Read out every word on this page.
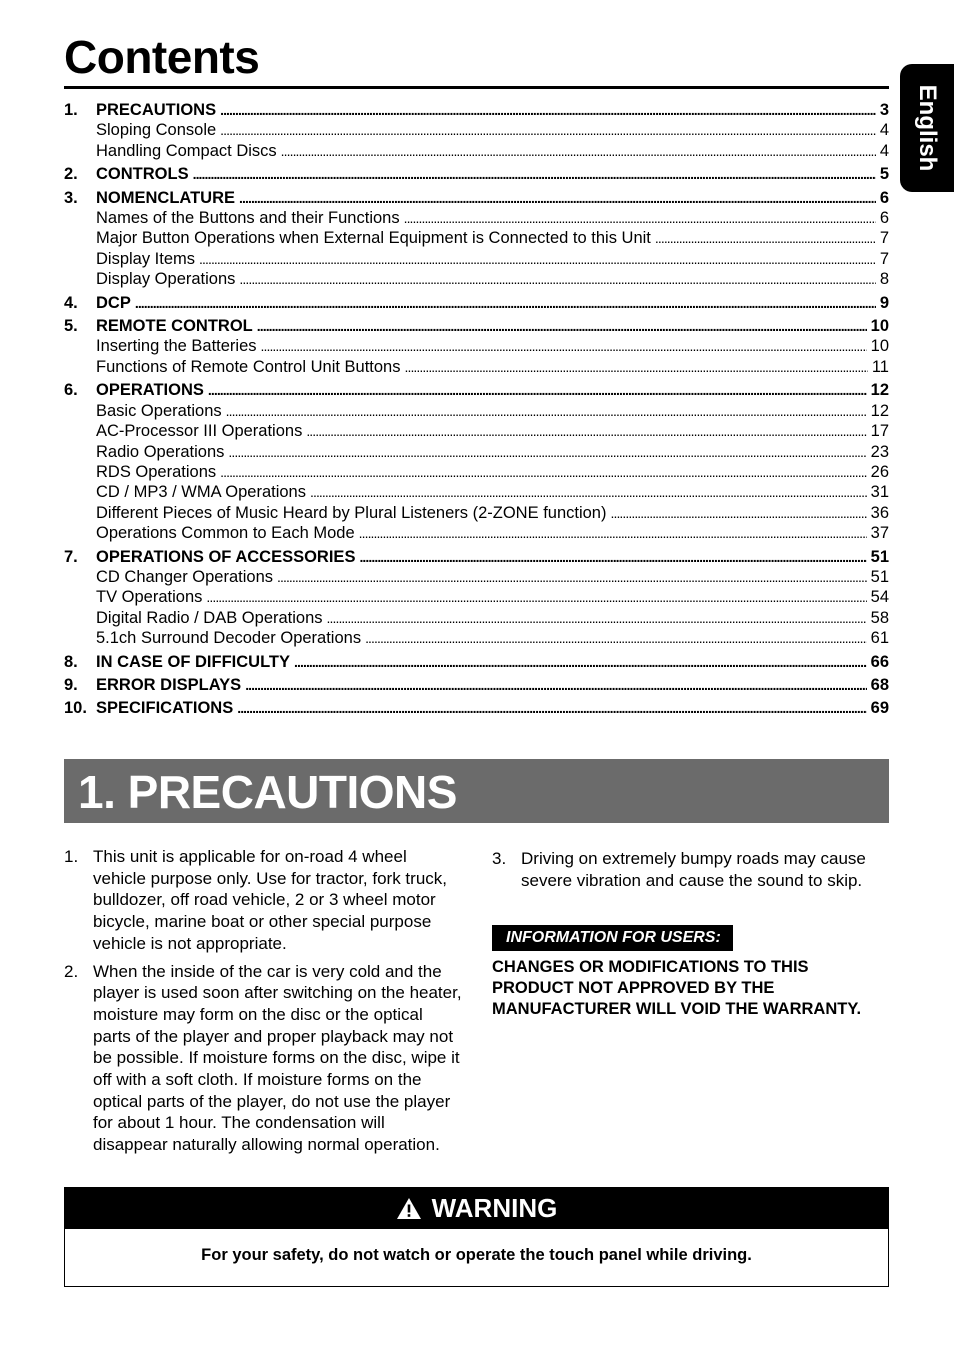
Contents
English
1.	PRECAUTIONS . . .	3
Sloping Console . . .	4
Handling Compact Discs . . .	4
2.	CONTROLS . . .	5
3.	NOMENCLATURE . . .	6
Names of the Buttons and their Functions . . .	6
Major Button Operations when External Equipment is Connected to this Unit . . .	7
Display Items . . .	7
Display Operations . . .	8
4.	DCP . . .	9
5.	REMOTE CONTROL . . .	10
Inserting the Batteries . . .	10
Functions of Remote Control Unit Buttons . . .	11
6.	OPERATIONS . . .	12
Basic Operations . . .	12
AC-Processor III Operations . . .	17
Radio Operations . . .	23
RDS Operations . . .	26
CD / MP3 / WMA Operations . . .	31
Different Pieces of Music Heard by Plural Listeners (2-ZONE function) . . .	36
Operations Common to Each Mode . . .	37
7.	OPERATIONS OF ACCESSORIES . . .	51
CD Changer Operations . . .	51
TV Operations . . .	54
Digital Radio / DAB Operations . . .	58
5.1ch Surround Decoder Operations . . .	61
8.	IN CASE OF DIFFICULTY . . .	66
9.	ERROR DISPLAYS . . .	68
10. SPECIFICATIONS . . .	69
1. PRECAUTIONS
1. This unit is applicable for on-road 4 wheel vehicle purpose only. Use for tractor, fork truck, bulldozer, off road vehicle, 2 or 3 wheel motor bicycle, marine boat or other special purpose vehicle is not appropriate.
2. When the inside of the car is very cold and the player is used soon after switching on the heater, moisture may form on the disc or the optical parts of the player and proper playback may not be possible. If moisture forms on the disc, wipe it off with a soft cloth. If moisture forms on the optical parts of the player, do not use the player for about 1 hour. The condensation will disappear naturally allowing normal operation.
3. Driving on extremely bumpy roads may cause severe vibration and cause the sound to skip.
INFORMATION FOR USERS:
CHANGES OR MODIFICATIONS TO THIS PRODUCT NOT APPROVED BY THE MANUFACTURER WILL VOID THE WARRANTY.
WARNING
For your safety, do not watch or operate the touch panel while driving.
